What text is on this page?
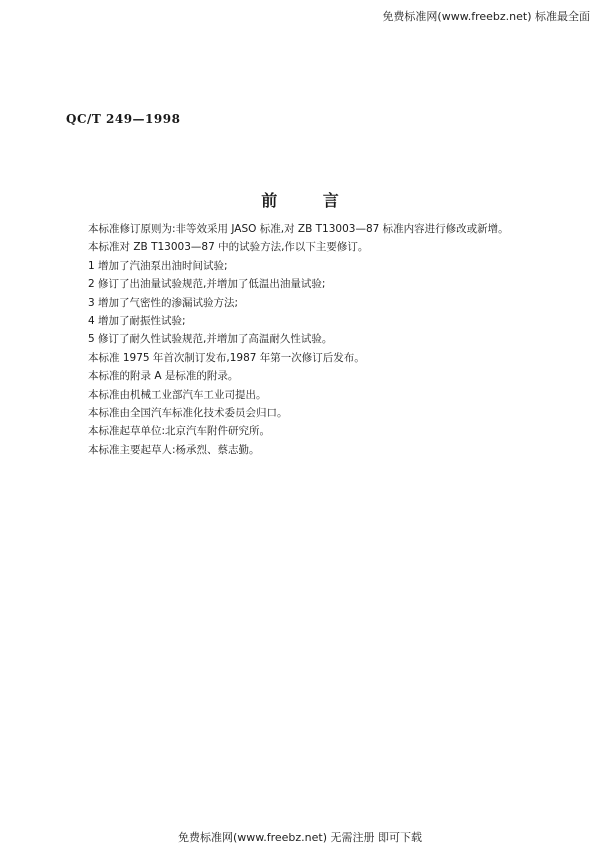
免费标准网(www.freebz.net) 标准最全面
QC/T 249—1998
前 言
本标准修订原则为:非等效采用 JASO 标准,对 ZB T13003—87 标准内容进行修改或新增。
本标准对 ZB T13003—87 中的试验方法,作以下主要修订。
1 增加了汽油泵出油时间试验;
2 修订了出油量试验规范,并增加了低温出油量试验;
3 增加了气密性的渗漏试验方法;
4 增加了耐振性试验;
5 修订了耐久性试验规范,并增加了高温耐久性试验。
本标准 1975 年首次制订发布,1987 年第一次修订后发布。
本标准的附录 A 是标准的附录。
本标准由机械工业部汽车工业司提出。
本标准由全国汽车标准化技术委员会归口。
本标准起草单位:北京汽车附件研究所。
本标准主要起草人:杨承烈、蔡志勤。
免费标准网(www.freebz.net) 无需注册 即可下载
